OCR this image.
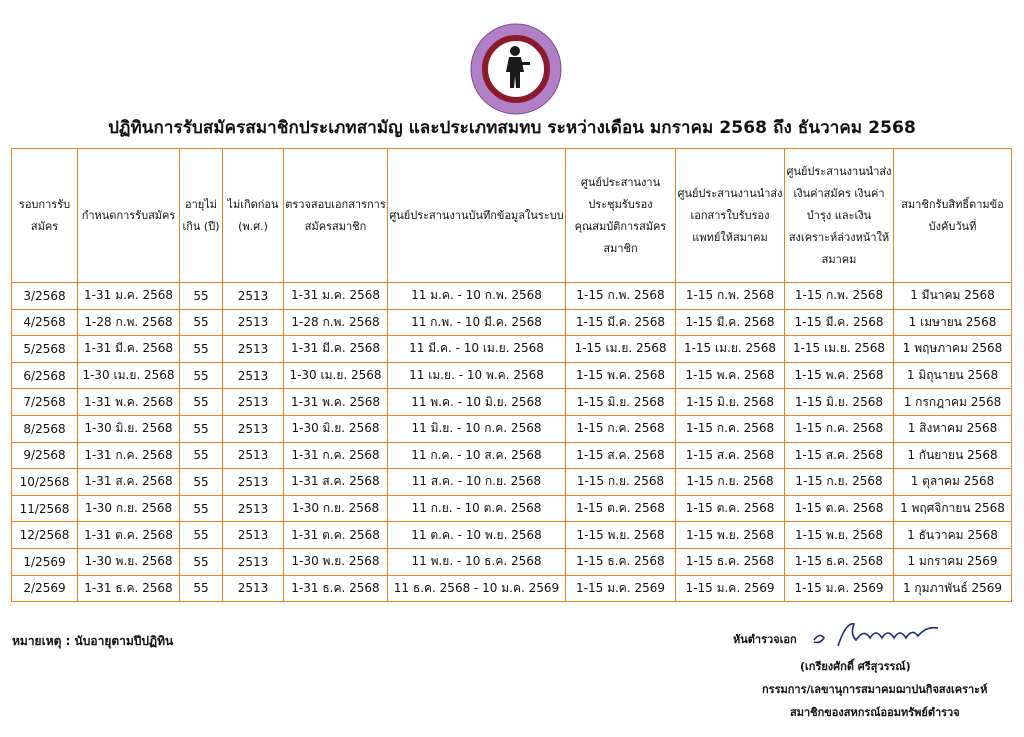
ปฏิทินการรับสมัครสมาชิกประเภทสามัญ และประเภทสมทบ ระหว่างเดือน มกราคม 2568 ถึง ธันวาคม 2568
รอบการรับสมัคร	กำหนดการรับสมัคร	อายุไม่เกิน (ปี)	ไม่เกิดก่อน (พ.ศ.)	ตรวจสอบเอกสารการสมัครสมาชิก	ศูนย์ประสานงานบันทึกข้อมูลในระบบ	ศูนย์ประสานงานประชุมรับรองคุณสมบัติการสมัครสมาชิก	ศูนย์ประสานงานนำส่งเอกสารใบรับรองแพทย์ให้สมาคม	ศูนย์ประสานงานนำส่งเงินค่าสมัคร เงินค่าบำรุง และเงินสงเคราะห์ล่วงหน้าให้สมาคม	สมาชิกรับสิทธิ์ตามข้อบังคับวันที่
3/2568	1-31 ม.ค. 2568	55	2513	1-31 ม.ค. 2568	11 ม.ค. - 10 ก.พ. 2568	1-15 ก.พ. 2568	1-15 ก.พ. 2568	1-15 ก.พ. 2568	1 มีนาคม 2568
4/2568	1-28 ก.พ. 2568	55	2513	1-28 ก.พ. 2568	11 ก.พ. - 10 มี.ค. 2568	1-15 มี.ค. 2568	1-15 มี.ค. 2568	1-15 มี.ค. 2568	1 เมษายน 2568
5/2568	1-31 มี.ค. 2568	55	2513	1-31 มี.ค. 2568	11 มี.ค. - 10 เม.ย. 2568	1-15 เม.ย. 2568	1-15 เม.ย. 2568	1-15 เม.ย. 2568	1 พฤษภาคม 2568
6/2568	1-30 เม.ย. 2568	55	2513	1-30 เม.ย. 2568	11 เม.ย. - 10 พ.ค. 2568	1-15 พ.ค. 2568	1-15 พ.ค. 2568	1-15 พ.ค. 2568	1 มิถุนายน 2568
7/2568	1-31 พ.ค. 2568	55	2513	1-31 พ.ค. 2568	11 พ.ค. - 10 มิ.ย. 2568	1-15 มิ.ย. 2568	1-15 มิ.ย. 2568	1-15 มิ.ย. 2568	1 กรกฎาคม 2568
8/2568	1-30 มิ.ย. 2568	55	2513	1-30 มิ.ย. 2568	11 มิ.ย. - 10 ก.ค. 2568	1-15 ก.ค. 2568	1-15 ก.ค. 2568	1-15 ก.ค. 2568	1 สิงหาคม 2568
9/2568	1-31 ก.ค. 2568	55	2513	1-31 ก.ค. 2568	11 ก.ค. - 10 ส.ค. 2568	1-15 ส.ค. 2568	1-15 ส.ค. 2568	1-15 ส.ค. 2568	1 กันยายน 2568
10/2568	1-31 ส.ค. 2568	55	2513	1-31 ส.ค. 2568	11 ส.ค. - 10 ก.ย. 2568	1-15 ก.ย. 2568	1-15 ก.ย. 2568	1-15 ก.ย. 2568	1 ตุลาคม 2568
11/2568	1-30 ก.ย. 2568	55	2513	1-30 ก.ย. 2568	11 ก.ย. - 10 ต.ค. 2568	1-15 ต.ค. 2568	1-15 ต.ค. 2568	1-15 ต.ค. 2568	1 พฤศจิกายน 2568
12/2568	1-31 ต.ค. 2568	55	2513	1-31 ต.ค. 2568	11 ต.ค. - 10 พ.ย. 2568	1-15 พ.ย. 2568	1-15 พ.ย. 2568	1-15 พ.ย. 2568	1 ธันวาคม 2568
1/2569	1-30 พ.ย. 2568	55	2513	1-30 พ.ย. 2568	11 พ.ย. - 10 ธ.ค. 2568	1-15 ธ.ค. 2568	1-15 ธ.ค. 2568	1-15 ธ.ค. 2568	1 มกราคม 2569
2/2569	1-31 ธ.ค. 2568	55	2513	1-31 ธ.ค. 2568	11 ธ.ค. 2568 - 10 ม.ค. 2569	1-15 ม.ค. 2569	1-15 ม.ค. 2569	1-15 ม.ค. 2569	1 กุมภาพันธ์ 2569
หมายเหตุ : นับอายุตามปีปฏิทิน	หันตำรวจเอก
(เกรียงศักดิ์ ศรีสุวรรณ์)
กรรมการ/เลขานุการสมาคมฌาปนกิจสงเคราะห์
สมาชิกของสหกรณ์ออมทรัพย์ตำรวจ
